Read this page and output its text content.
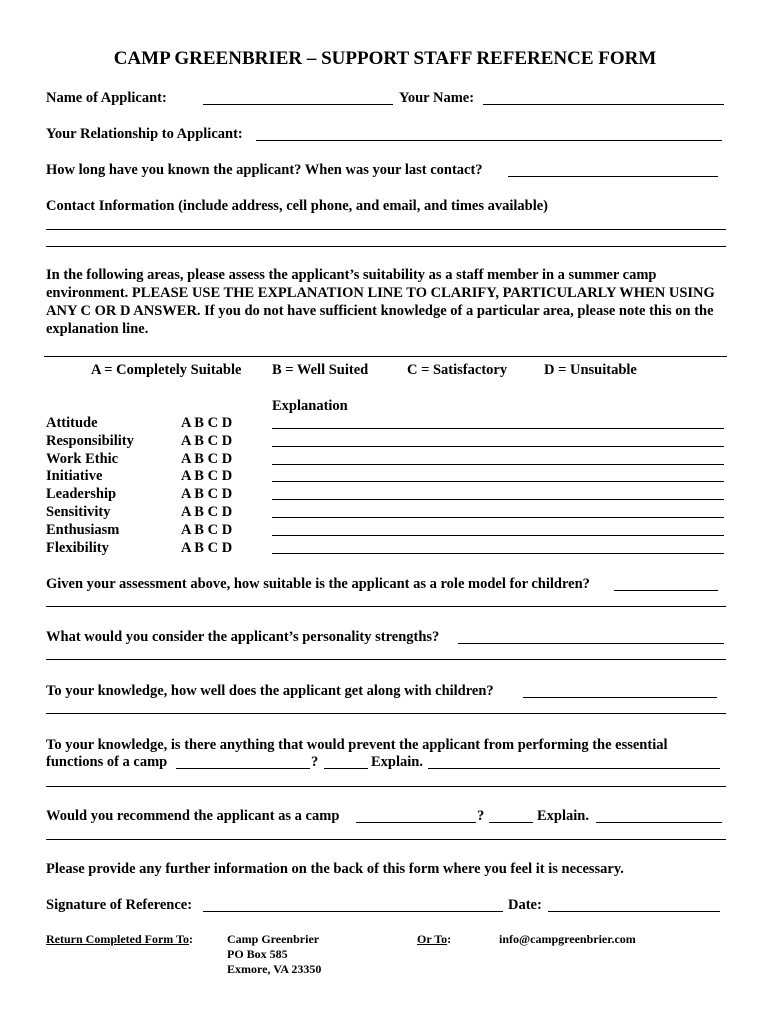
CAMP GREENBRIER – SUPPORT STAFF REFERENCE FORM
Name of Applicant:	Your Name:
Your Relationship to Applicant:
How long have you known the applicant? When was your last contact?
Contact Information (include address, cell phone, and email, and times available)
In the following areas, please assess the applicant’s suitability as a staff member in a summer camp environment. PLEASE USE THE EXPLANATION LINE TO CLARIFY, PARTICULARLY WHEN USING ANY C OR D ANSWER. If you do not have sufficient knowledge of a particular area, please note this on the explanation line.
A = Completely Suitable B = Well Suited	C = Satisfactory	D = Unsuitable
Explanation
Attitude	A B C D
Responsibility	A B C D
Work Ethic	A B C D
Initiative	A B C D
Leadership	A B C D
Sensitivity	A B C D
Enthusiasm	A B C D
Flexibility	A B C D
Given your assessment above, how suitable is the applicant as a role model for children?
What would you consider the applicant’s personality strengths?
To your knowledge, how well does the applicant get along with children?
To your knowledge, is there anything that would prevent the applicant from performing the essential
functions of a camp	?	Explain.
Would you recommend the applicant as a camp	?	Explain.
Please provide any further information on the back of this form where you feel it is necessary.
Signature of Reference:	Date:
Return Completed Form To:	Camp Greenbrier
PO Box 585
Exmore, VA 23350
Or To:	info@campgreenbrier.com
